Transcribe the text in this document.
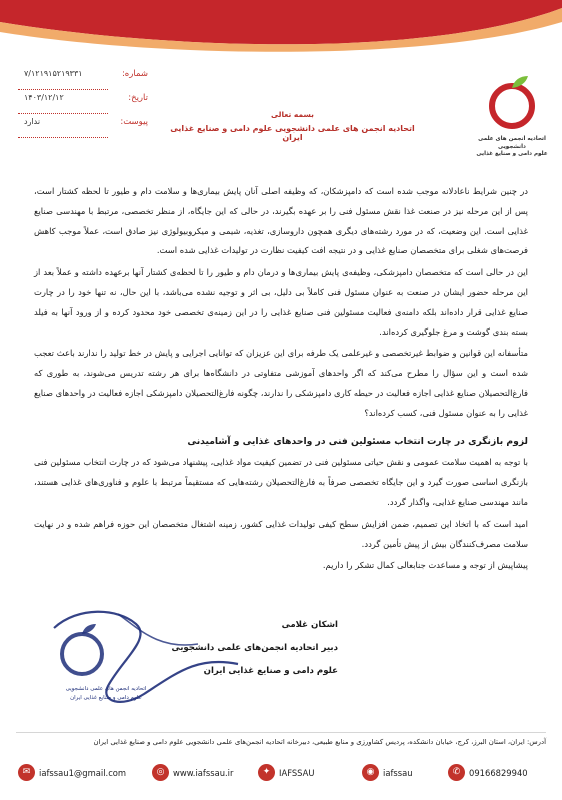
اتحادیه انجمن های علمی دانشجویی
علوم دامی و صنایع غذایی
شماره:
۷/۱۲۱۹۱۵۲۱۹۳۳۱
تاریخ:
۱۴۰۳/۱۲/۱۲
پیوست:
ندارد
بسمه تعالی
اتحادیه انجمن های علمی دانشجویی علوم دامی و صنایع غذایی ایران

در چنین شرایط ناعادلانه موجب شده است که دامپزشکان، که وظیفه اصلی آنان پایش بیماری‌ها و سلامت دام و طیور تا لحظه کشتار است، پس از این مرحله نیز در صنعت غذا نقش مسئول فنی را بر عهده بگیرند، در حالی که این جایگاه، از منظر تخصصی، مرتبط با مهندسی صنایع غذایی است. این وضعیت، که در مورد رشته‌های دیگری همچون داروسازی، تغذیه، شیمی و میکروبیولوژی نیز صادق است، عملاً موجب کاهش فرصت‌های شغلی برای متخصصان صنایع غذایی و در نتیجه افت کیفیت نظارت در تولیدات غذایی شده است.

این در حالی است که متخصصان دامپزشکی، وظیفه‌ی پایش بیماری‌ها و درمان دام و طیور را تا لحظه‌ی کشتار آنها برعهده داشته و عملاً بعد از این مرحله حضور ایشان در صنعت به عنوان مسئول فنی کاملاً بی دلیل، بی اثر و توجیه نشده می‌باشد، با این حال، نه تنها خود را در چارت صنایع غذایی قرار داده‌اند بلکه دامنه‌ی فعالیت مسئولین فنی صنایع غذایی را در این زمینه‌ی تخصصی خود محدود کرده و از ورود آنها به فیلد بسته بندی گوشت و مرغ جلوگیری کرده‌اند.

متأسفانه این قوانین و ضوابط غیرتخصصی و غیرعلمی یک طرفه برای این عزیزان که توانایی اجرایی و پایش در خط تولید را ندارند باعث تعجب شده است و این سؤال را مطرح می‌کند که اگر واحدهای آموزشی متفاوتی در دانشگاه‌ها برای هر رشته تدریس می‌شوند، به طوری که فارغ‌التحصیلان صنایع غذایی اجازه فعالیت در حیطه کاری دامپزشکی را ندارند، چگونه فارغ‌التحصیلان دامپزشکی اجازه فعالیت در واحدهای صنایع غذایی را به عنوان مسئول فنی، کسب کرده‌اند؟

لزوم بازنگری در چارت انتخاب مسئولین فنی در واحدهای غذایی و آشامیدنی

با توجه به اهمیت سلامت عمومی و نقش حیاتی مسئولین فنی در تضمین کیفیت مواد غذایی، پیشنهاد می‌شود که در چارت انتخاب مسئولین فنی بازنگری اساسی صورت گیرد و این جایگاه تخصصی صرفاً به فارغ‌التحصیلان رشته‌هایی که مستقیماً مرتبط با علوم و فناوری‌های غذایی هستند، مانند مهندسی صنایع غذایی، واگذار گردد.

امید است که با اتخاذ این تصمیم، ضمن افزایش سطح کیفی تولیدات غذایی کشور، زمینه اشتغال متخصصان این حوزه فراهم شده و در نهایت سلامت مصرف‌کنندگان بیش از پیش تأمین گردد.

پیشاپیش از توجه و مساعدت جنابعالی کمال تشکر را داریم.

اتحادیه انجمن های علمی دانشجویی
علوم دامی و صنایع غذایی ایران
اشکان غلامی
دبیر اتحادیه انجمن‌های علمی دانشجویی
علوم دامی و صنایع غذایی ایران
آدرس: ایران، استان البرز، کرج، خیابان دانشکده، پردیس کشاورزی و منابع طبیعی، دبیرخانه اتحادیه انجمن‌های علمی دانشجویی علوم دامی و صنایع غذایی ایران
✉	iafssau1@gmail.com	◎	www.iafssau.ir	✦	IAFSSAU	◉	iafssau	✆	09166829940
